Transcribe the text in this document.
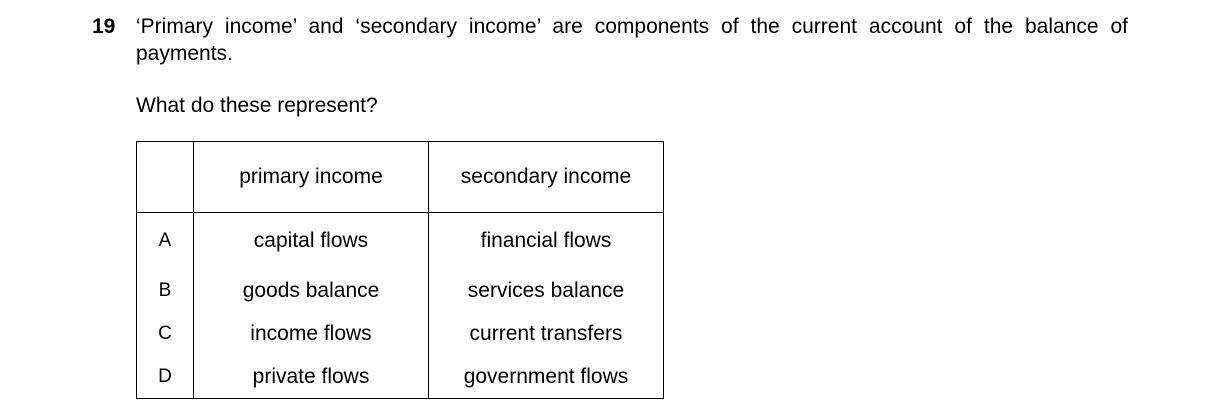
19 ‘Primary income’ and ‘secondary income’ are components of the current account of the balance of payments.
What do these represent?
	primary income	secondary income
A	capital flows	financial flows
B	goods balance	services balance
C	income flows	current transfers
D	private flows	government flows
